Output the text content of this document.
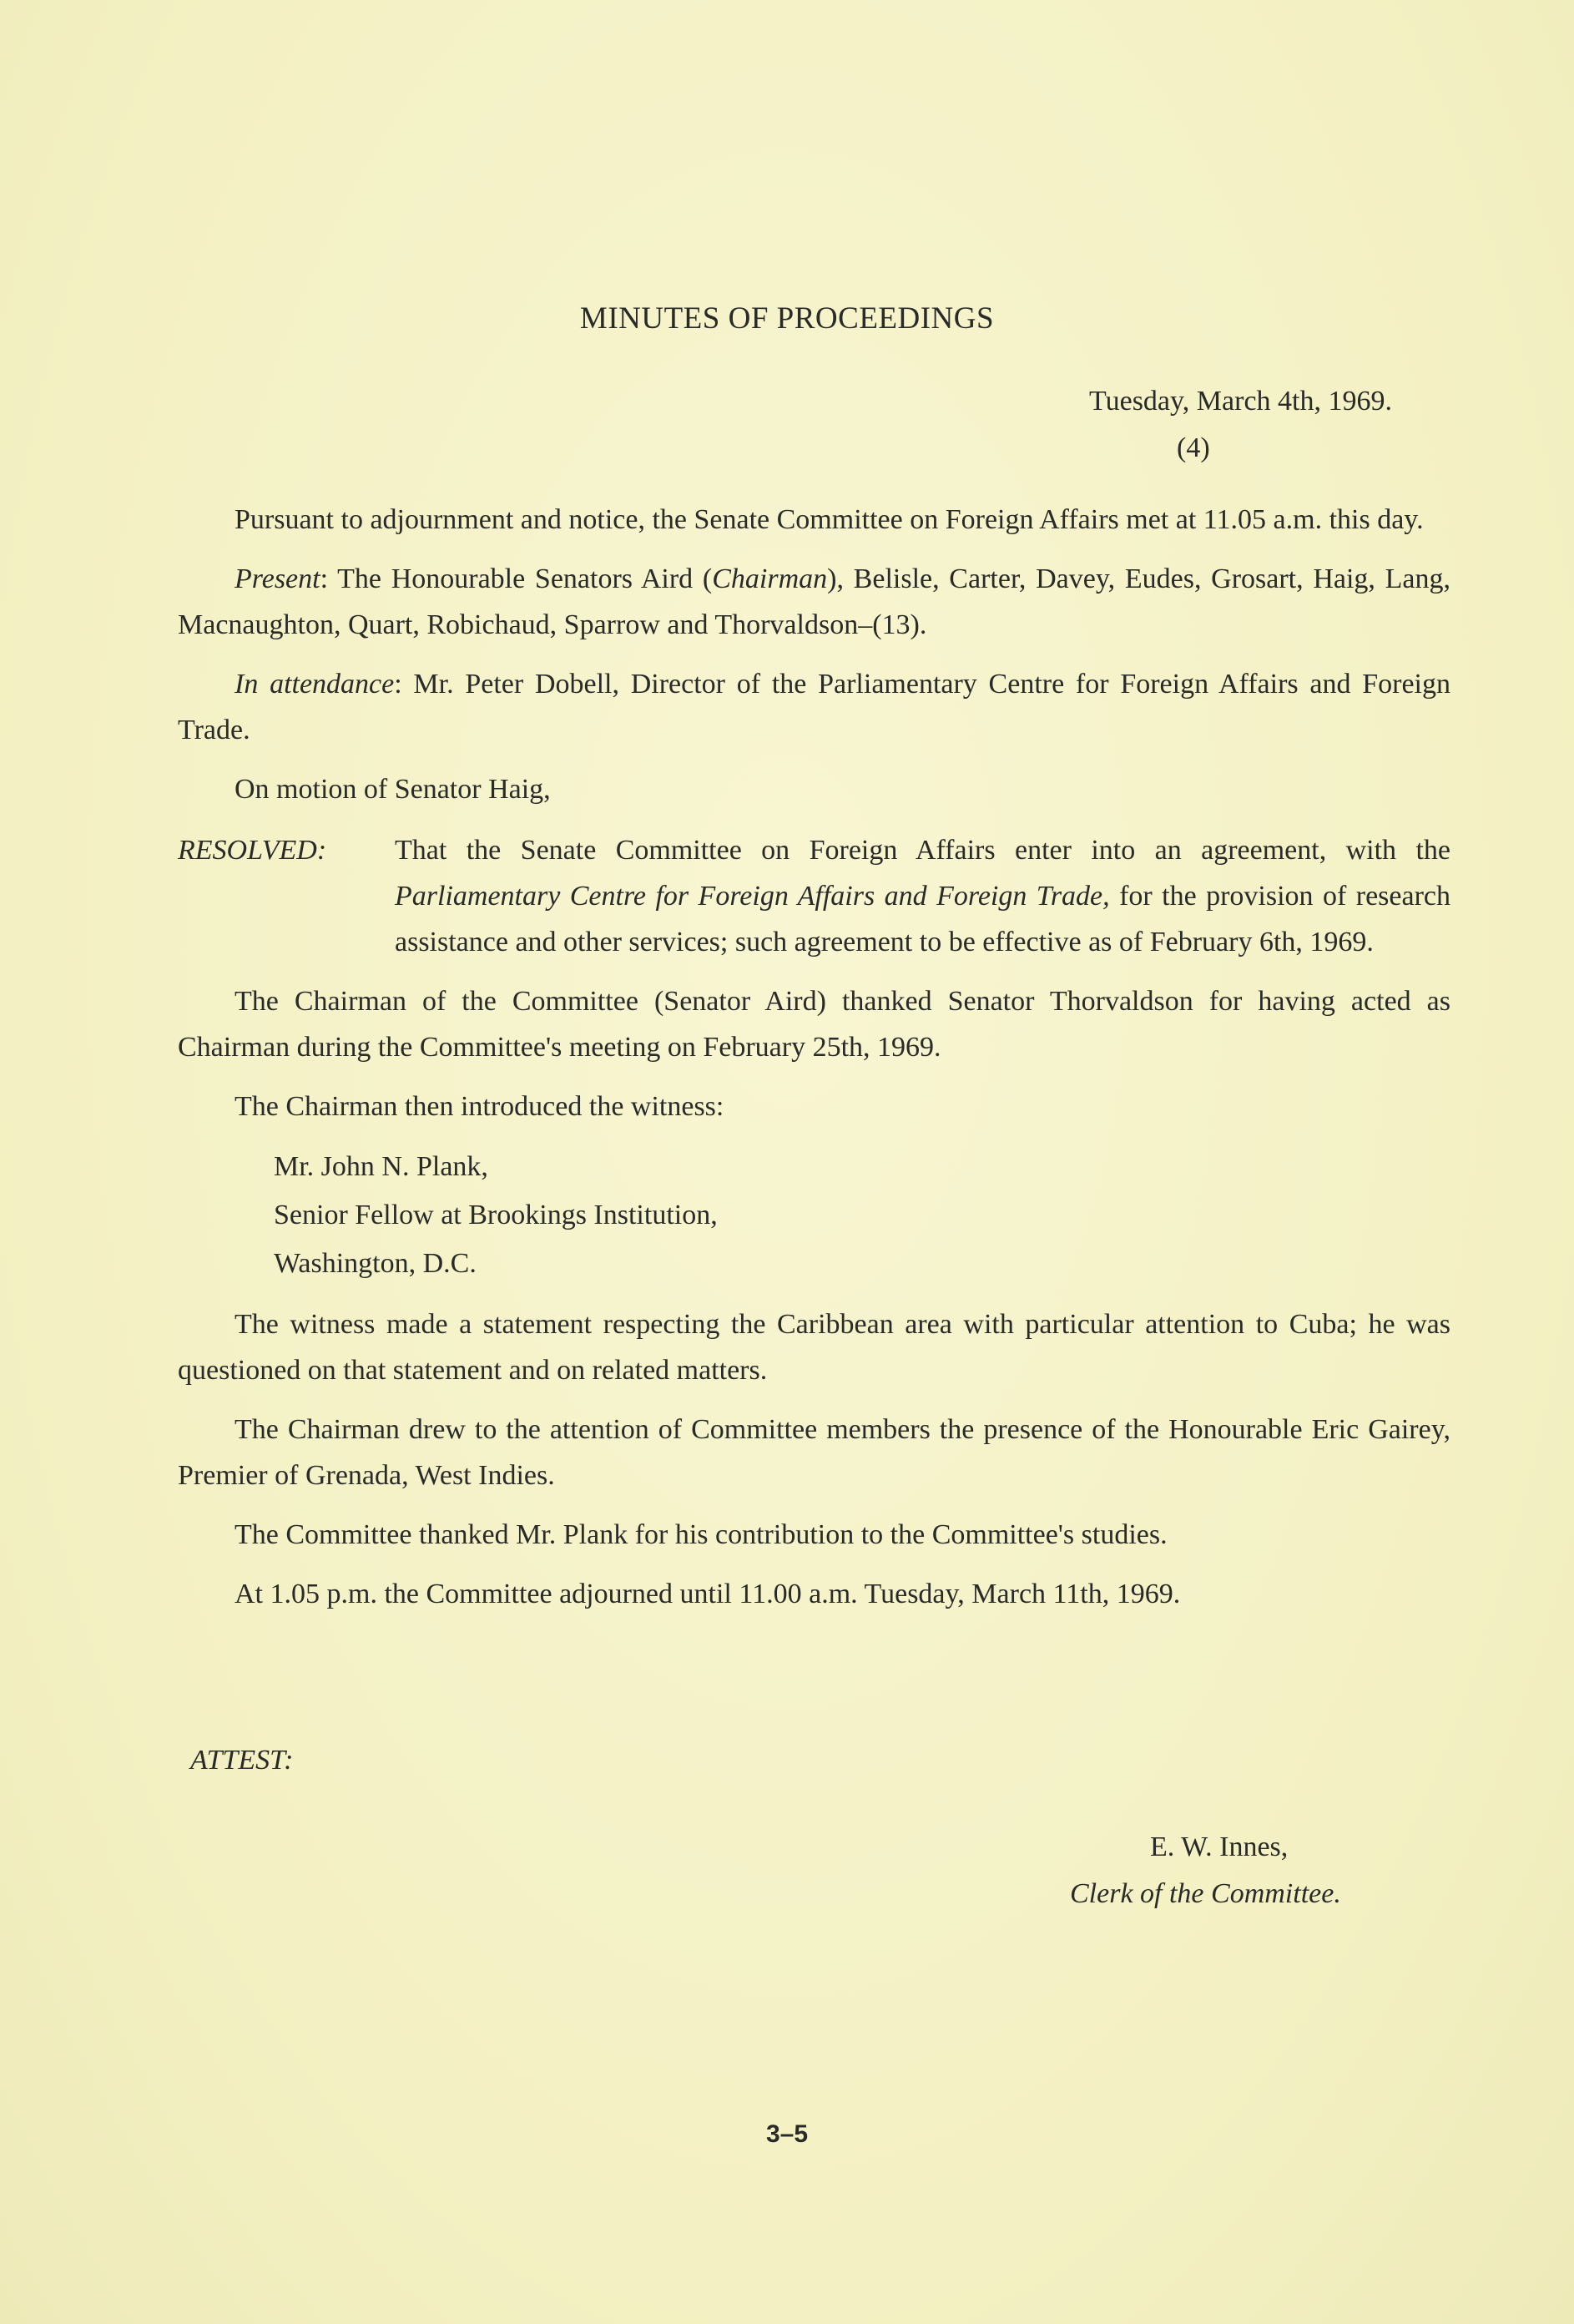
MINUTES OF PROCEEDINGS
Tuesday, March 4th, 1969.
(4)

Pursuant to adjournment and notice, the Senate Committee on Foreign Affairs met at 11.05 a.m. this day.

Present: The Honourable Senators Aird (Chairman), Belisle, Carter, Davey, Eudes, Grosart, Haig, Lang, Macnaughton, Quart, Robichaud, Sparrow and Thorvaldson–(13).

In attendance: Mr. Peter Dobell, Director of the Parliamentary Centre for Foreign Affairs and Foreign Trade.

On motion of Senator Haig,

RESOLVED:	That the Senate Committee on Foreign Affairs enter into an agreement, with the Parliamentary Centre for Foreign Affairs and Foreign Trade, for the provision of research assistance and other services; such agreement to be effective as of February 6th, 1969.

The Chairman of the Committee (Senator Aird) thanked Senator Thorvaldson for having acted as Chairman during the Committee's meeting on February 25th, 1969.

The Chairman then introduced the witness:

Mr. John N. Plank,
Senior Fellow at Brookings Institution,
Washington, D.C.

The witness made a statement respecting the Caribbean area with particular attention to Cuba; he was questioned on that statement and on related matters.

The Chairman drew to the attention of Committee members the presence of the Honourable Eric Gairey, Premier of Grenada, West Indies.

The Committee thanked Mr. Plank for his contribution to the Committee's studies.

At 1.05 p.m. the Committee adjourned until 11.00 a.m. Tuesday, March 11th, 1969.

ATTEST:
E. W. Innes,
Clerk of the Committee.
3–5
